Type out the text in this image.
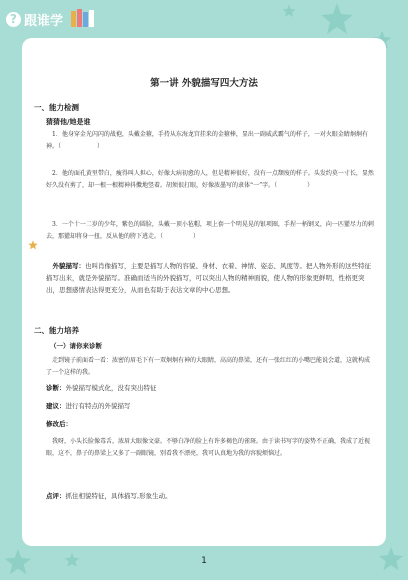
? 跟谁学
第一讲 外貌描写四大方法
一、能力检测
猜猜他/她是谁

1．他身穿金光闪闪的战袍，头戴金箍，手持从东海龙宫挂来的金箍棒，显出一副威武霸气的样子，一对火眼金睛炯炯有神。（　　　　　　）

2．他的面孔黄里带白，瘦得叫人担心，好像大病初愈的人，但是精神很好，没有一点颓废的样子。头发约莫一寸长，显然好久没有剪了，却一根一根精神抖擞地竖着。胡须很打眼，好像浓墨写的隶体“一”字。（　　　　　）

3．一个十一二岁的少年，紫色的圆脸，头戴一顶小毡帽，项上套一个明晃晃的银项圈，手捏一柄钢叉，向一匹獾尽力的刺去，那獾却将身一扭，反从他的胯下逃走。（　　　　　）

外貌描写：也叫肖像描写，主要是描写人物的容貌、身材、衣着、神情、姿态、风度等。把人物外形的这些特征描写出来，就是外貌描写。准确而适当的外貌描写，可以突出人物的精神面貌，使人物的形象更鲜明，性格更突出，思想感情表达得更充分，从而也有助于表达文章的中心思想。

二、能力培养
（一）请你来诊断

走到镜子前面看一看：浓密的眉毛下有一双炯炯有神的大眼睛，高高的鼻梁，还有一张红红的小嘴巴能说会道，这就构成了一个这样的我。

诊断：外貌描写模式化，没有突出特征

建议：进行有特点的外貌描写

修改后：

我呀，小头长脸像毒舌，浓眉大眼像文豪。不够白净的脸上有许多褐色的雀斑。由于读书写字的姿势不正确，我成了近视眼，这不，鼻子的鼻梁上又多了一副眼镜，别看我不漂亮，我可认真地为我的容貌烦恼过。

点评：抓住相貌特征，具体描写,形象生动。

1
